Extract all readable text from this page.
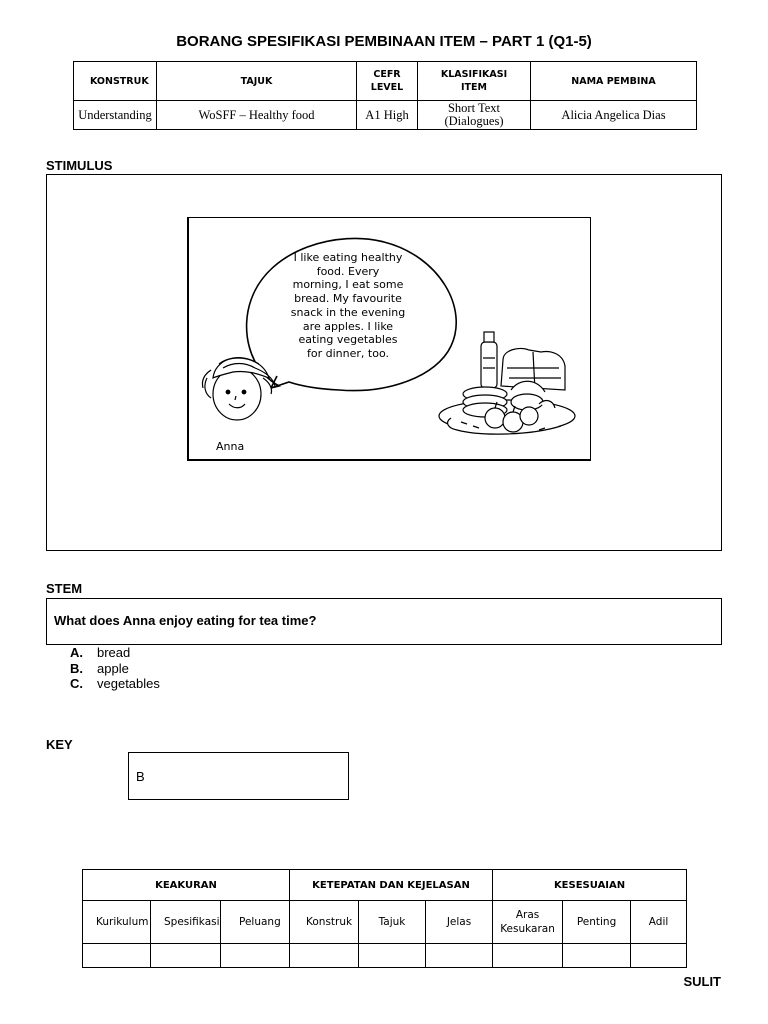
BORANG SPESIFIKASI PEMBINAAN ITEM – PART 1 (Q1-5)
KONSTRUK	TAJUK	CEFR LEVEL	KLASIFIKASI ITEM	NAMA PEMBINA
Understanding	WoSFF – Healthy food	A1 High	Short Text (Dialogues)	Alicia Angelica Dias
STIMULUS
I like eating healthy
food. Every
morning, I eat some
bread. My favourite
snack in the evening
are apples. I like
eating vegetables
for dinner, too.
Anna
STEM
What does Anna enjoy eating for tea time?
A.	bread
B.	apple
C.	vegetables
KEY
B
KEAKURAN			KETEPATAN DAN KEJELASAN			KESESUAIAN		
Kurikulum	Spesifikasi	Peluang	Konstruk	Tajuk	Jelas	Aras Kesukaran	Penting	Adil

SULIT
